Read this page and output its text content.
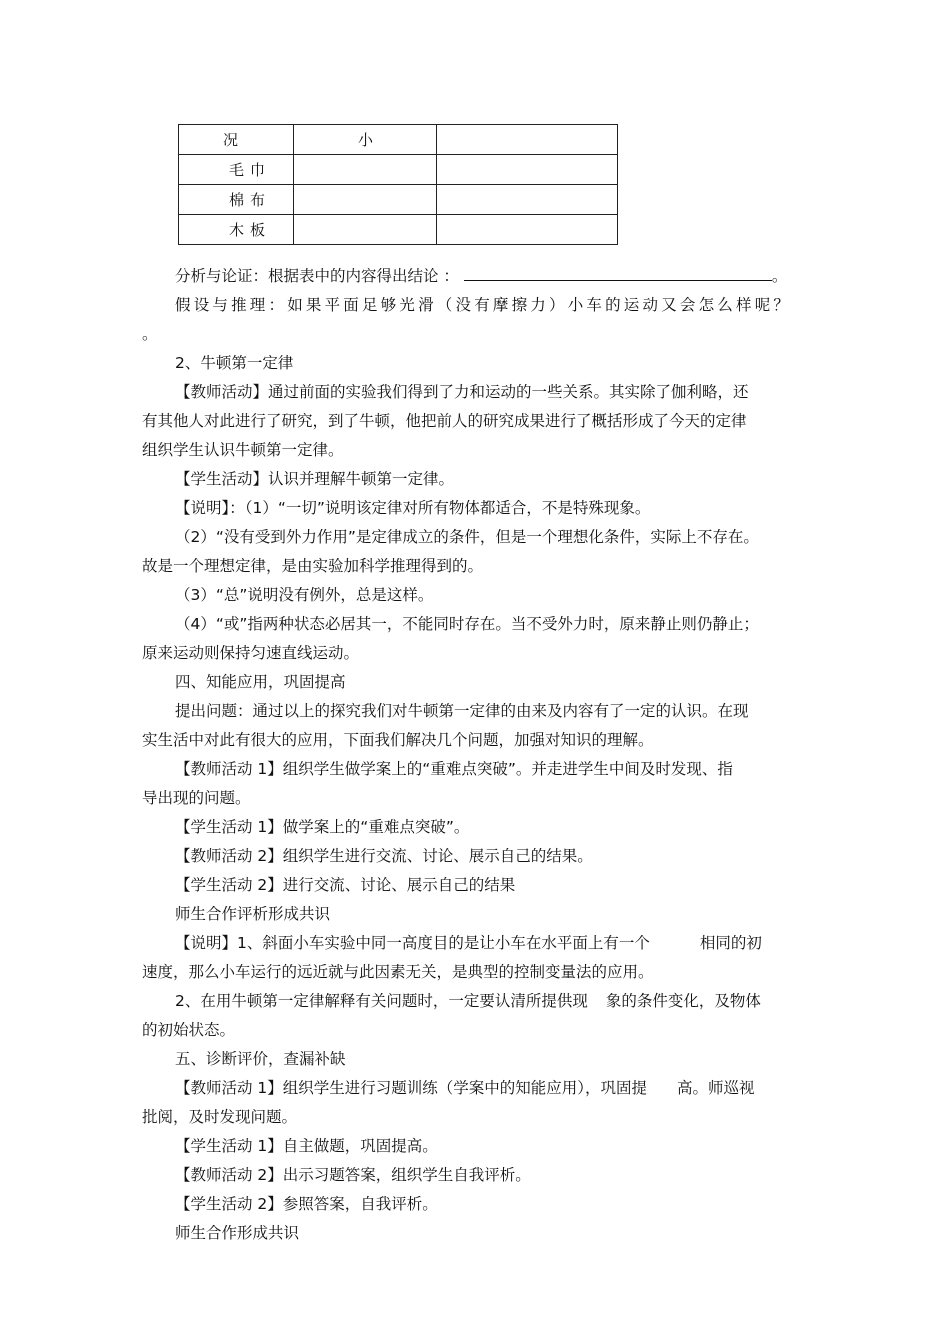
况	小	

毛巾		

棉布		

木板		

分析与论证：根据表中的内容得出结论 ：	。
假设与推理：如果平面足够光滑（没有摩擦力）小车的运动又会怎么样呢？
。
2、牛顿第一定律
【教师活动】通过前面的实验我们得到了力和运动的一些关系。其实除了伽利略，还
有其他人对此进行了研究，到了牛顿，他把前人的研究成果进行了概括形成了今天的定律
组织学生认识牛顿第一定律。
【学生活动】认识并理解牛顿第一定律。
【说明】：（1）“一切”说明该定律对所有物体都适合，不是特殊现象。
（2）“没有受到外力作用”是定律成立的条件，但是一个理想化条件，实际上不存在。
故是一个理想定律，是由实验加科学推理得到的。
（3）“总”说明没有例外，总是这样。
（4）“或”指两种状态必居其一，不能同时存在。当不受外力时，原来静止则仍静止；
原来运动则保持匀速直线运动。
四、知能应用，巩固提高
提出问题：通过以上的探究我们对牛顿第一定律的由来及内容有了一定的认识。在现
实生活中对此有很大的应用，下面我们解决几个问题，加强对知识的理解。
【教师活动 1】组织学生做学案上的“重难点突破”。并走进学生中间及时发现、指
导出现的问题。
【学生活动 1】做学案上的“重难点突破”。
【教师活动 2】组织学生进行交流、讨论、展示自己的结果。
【学生活动 2】进行交流、讨论、展示自己的结果
师生合作评析形成共识
【说明】1、斜面小车实验中同一高度目的是让小车在水平面上有一个	相同的初
速度，那么小车运行的远近就与此因素无关，是典型的控制变量法的应用。
2、在用牛顿第一定律解释有关问题时，一定要认清所提供现 象的条件变化，及物体
的初始状态。
五、诊断评价，查漏补缺
【教师活动 1】组织学生进行习题训练（学案中的知能应用），巩固提 高。师巡视
批阅，及时发现问题。
【学生活动 1】自主做题，巩固提高。
【教师活动 2】出示习题答案，组织学生自我评析。
【学生活动 2】参照答案，自我评析。
师生合作形成共识
